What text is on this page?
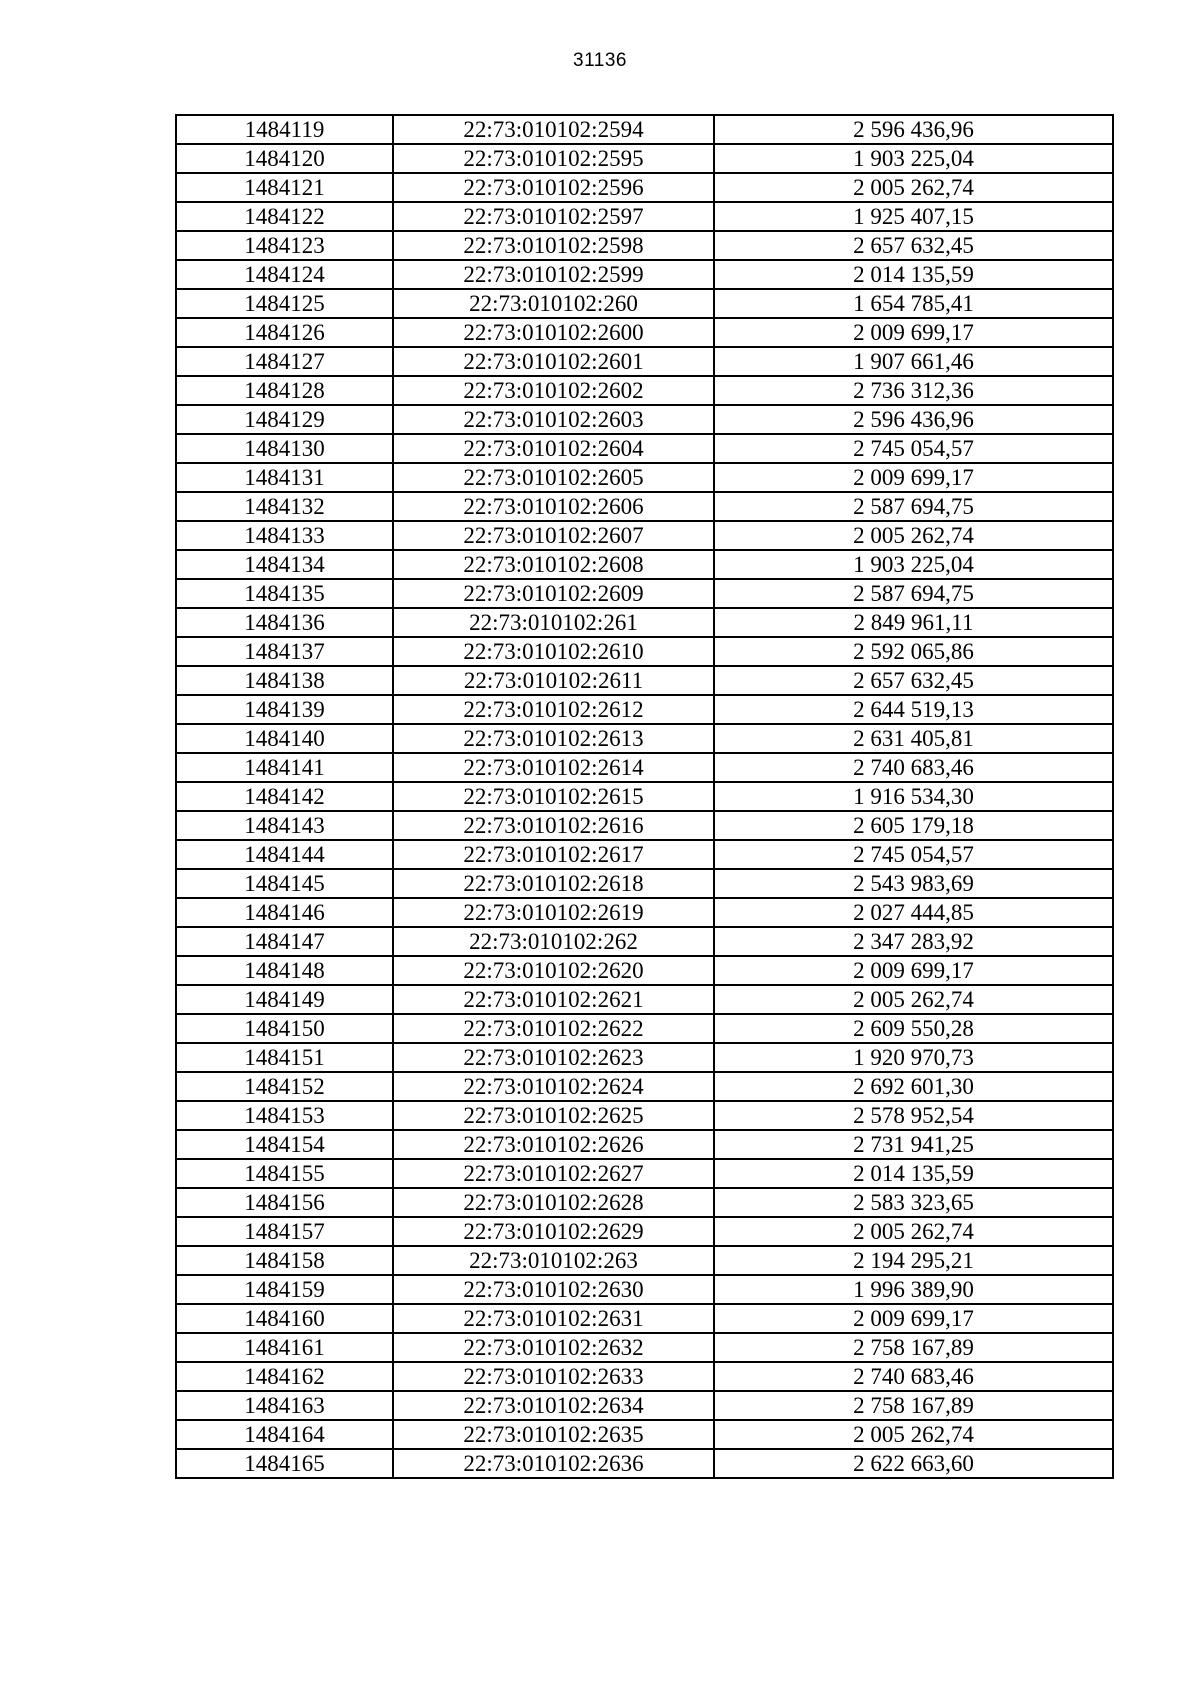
31136
1484119	22:73:010102:2594	2 596 436,96
1484120	22:73:010102:2595	1 903 225,04
1484121	22:73:010102:2596	2 005 262,74
1484122	22:73:010102:2597	1 925 407,15
1484123	22:73:010102:2598	2 657 632,45
1484124	22:73:010102:2599	2 014 135,59
1484125	22:73:010102:260	1 654 785,41
1484126	22:73:010102:2600	2 009 699,17
1484127	22:73:010102:2601	1 907 661,46
1484128	22:73:010102:2602	2 736 312,36
1484129	22:73:010102:2603	2 596 436,96
1484130	22:73:010102:2604	2 745 054,57
1484131	22:73:010102:2605	2 009 699,17
1484132	22:73:010102:2606	2 587 694,75
1484133	22:73:010102:2607	2 005 262,74
1484134	22:73:010102:2608	1 903 225,04
1484135	22:73:010102:2609	2 587 694,75
1484136	22:73:010102:261	2 849 961,11
1484137	22:73:010102:2610	2 592 065,86
1484138	22:73:010102:2611	2 657 632,45
1484139	22:73:010102:2612	2 644 519,13
1484140	22:73:010102:2613	2 631 405,81
1484141	22:73:010102:2614	2 740 683,46
1484142	22:73:010102:2615	1 916 534,30
1484143	22:73:010102:2616	2 605 179,18
1484144	22:73:010102:2617	2 745 054,57
1484145	22:73:010102:2618	2 543 983,69
1484146	22:73:010102:2619	2 027 444,85
1484147	22:73:010102:262	2 347 283,92
1484148	22:73:010102:2620	2 009 699,17
1484149	22:73:010102:2621	2 005 262,74
1484150	22:73:010102:2622	2 609 550,28
1484151	22:73:010102:2623	1 920 970,73
1484152	22:73:010102:2624	2 692 601,30
1484153	22:73:010102:2625	2 578 952,54
1484154	22:73:010102:2626	2 731 941,25
1484155	22:73:010102:2627	2 014 135,59
1484156	22:73:010102:2628	2 583 323,65
1484157	22:73:010102:2629	2 005 262,74
1484158	22:73:010102:263	2 194 295,21
1484159	22:73:010102:2630	1 996 389,90
1484160	22:73:010102:2631	2 009 699,17
1484161	22:73:010102:2632	2 758 167,89
1484162	22:73:010102:2633	2 740 683,46
1484163	22:73:010102:2634	2 758 167,89
1484164	22:73:010102:2635	2 005 262,74
1484165	22:73:010102:2636	2 622 663,60
